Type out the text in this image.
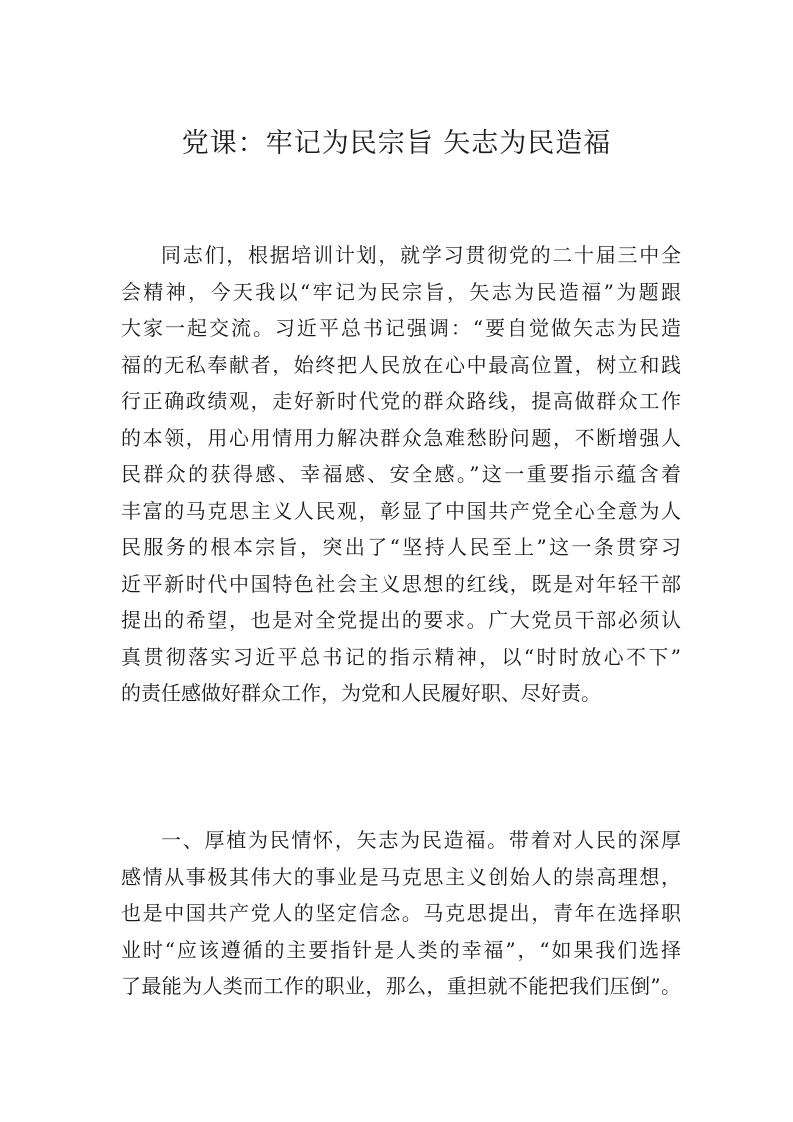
党课：牢记为民宗旨 矢志为民造福
同志们，根据培训计划，就学习贯彻党的二十届三中全
会精神，今天我以“牢记为民宗旨，矢志为民造福”为题跟
大家一起交流。习近平总书记强调：“要自觉做矢志为民造
福的无私奉献者，始终把人民放在心中最高位置，树立和践
行正确政绩观，走好新时代党的群众路线，提高做群众工作
的本领，用心用情用力解决群众急难愁盼问题，不断增强人
民群众的获得感、幸福感、安全感。”这一重要指示蕴含着
丰富的马克思主义人民观，彰显了中国共产党全心全意为人
民服务的根本宗旨，突出了“坚持人民至上”这一条贯穿习
近平新时代中国特色社会主义思想的红线，既是对年轻干部
提出的希望，也是对全党提出的要求。广大党员干部必须认
真贯彻落实习近平总书记的指示精神，以“时时放心不下”
的责任感做好群众工作，为党和人民履好职、尽好责。
一、厚植为民情怀，矢志为民造福。带着对人民的深厚
感情从事极其伟大的事业是马克思主义创始人的崇高理想，
也是中国共产党人的坚定信念。马克思提出，青年在选择职
业时“应该遵循的主要指针是人类的幸福”，“如果我们选择
了最能为人类而工作的职业，那么，重担就不能把我们压倒”。
